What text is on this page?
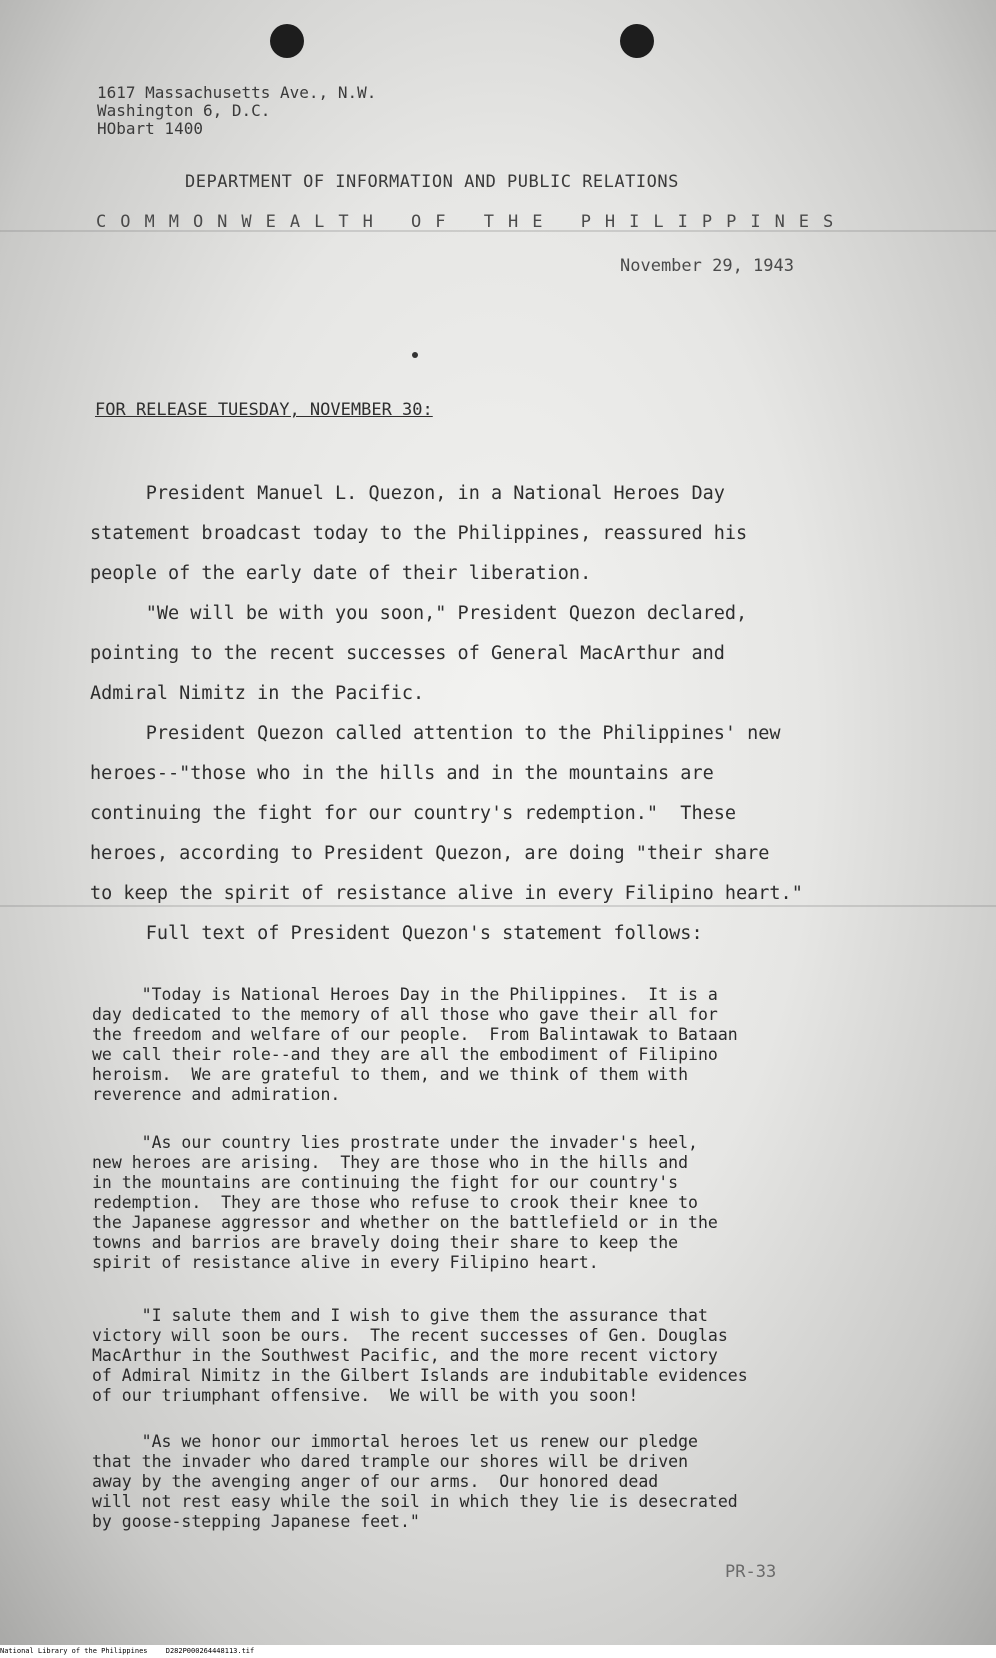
1617 Massachusetts Ave., N.W.
Washington 6, D.C.
HObart 1400
DEPARTMENT OF INFORMATION AND PUBLIC RELATIONS
COMMONWEALTH OF THE PHILIPPINES
November 29, 1943
FOR RELEASE TUESDAY, NOVEMBER 30:
President Manuel L. Quezon, in a National Heroes Day
statement broadcast today to the Philippines, reassured his
people of the early date of their liberation.
"We will be with you soon," President Quezon declared,
pointing to the recent successes of General MacArthur and
Admiral Nimitz in the Pacific.
President Quezon called attention to the Philippines' new
heroes--"those who in the hills and in the mountains are
continuing the fight for our country's redemption."  These
heroes, according to President Quezon, are doing "their share
to keep the spirit of resistance alive in every Filipino heart."
Full text of President Quezon's statement follows:
"Today is National Heroes Day in the Philippines.  It is a
day dedicated to the memory of all those who gave their all for
the freedom and welfare of our people.  From Balintawak to Bataan
we call their role--and they are all the embodiment of Filipino
heroism.  We are grateful to them, and we think of them with
reverence and admiration.
"As our country lies prostrate under the invader's heel,
new heroes are arising.  They are those who in the hills and
in the mountains are continuing the fight for our country's
redemption.  They are those who refuse to crook their knee to
the Japanese aggressor and whether on the battlefield or in the
towns and barrios are bravely doing their share to keep the
spirit of resistance alive in every Filipino heart.
"I salute them and I wish to give them the assurance that
victory will soon be ours.  The recent successes of Gen. Douglas
MacArthur in the Southwest Pacific, and the more recent victory
of Admiral Nimitz in the Gilbert Islands are indubitable evidences
of our triumphant offensive.  We will be with you soon!
"As we honor our immortal heroes let us renew our pledge
that the invader who dared trample our shores will be driven
away by the avenging anger of our arms.  Our honored dead
will not rest easy while the soil in which they lie is desecrated
by goose-stepping Japanese feet."
PR-33
National Library of the Philippines	D282P000264448113.tif
